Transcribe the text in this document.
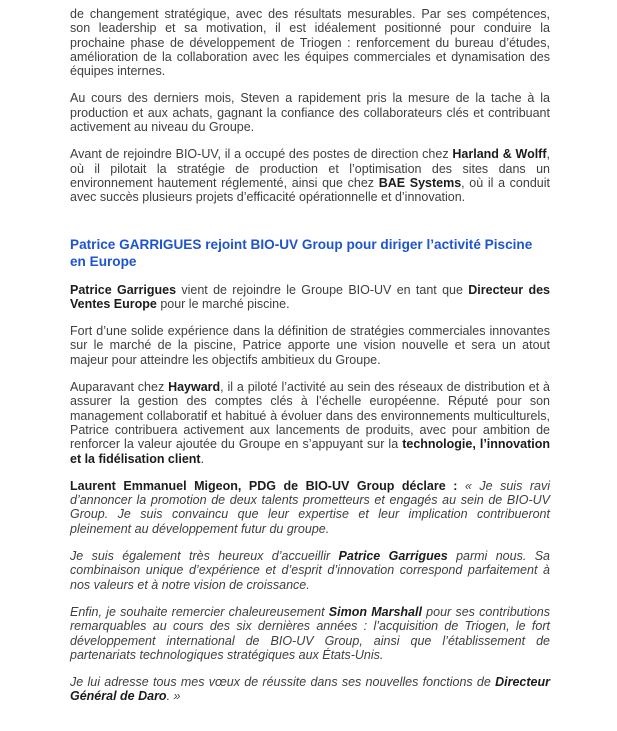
de changement stratégique, avec des résultats mesurables. Par ses compétences, son leadership et sa motivation, il est idéalement positionné pour conduire la prochaine phase de développement de Triogen : renforcement du bureau d’études, amélioration de la collaboration avec les équipes commerciales et dynamisation des équipes internes.

Au cours des derniers mois, Steven a rapidement pris la mesure de la tache à la production et aux achats, gagnant la confiance des collaborateurs clés et contribuant activement au niveau du Groupe.

Avant de rejoindre BIO-UV, il a occupé des postes de direction chez Harland & Wolff, où il pilotait la stratégie de production et l’optimisation des sites dans un environnement hautement réglementé, ainsi que chez BAE Systems, où il a conduit avec succès plusieurs projets d’efficacité opérationnelle et d’innovation.

Patrice GARRIGUES rejoint BIO-UV Group pour diriger l’activité Piscine en Europe

Patrice Garrigues vient de rejoindre le Groupe BIO-UV en tant que Directeur des Ventes Europe pour le marché piscine.

Fort d’une solide expérience dans la définition de stratégies commerciales innovantes sur le marché de la piscine, Patrice apporte une vision nouvelle et sera un atout majeur pour atteindre les objectifs ambitieux du Groupe.

Auparavant chez Hayward, il a piloté l’activité au sein des réseaux de distribution et à assurer la gestion des comptes clés à l’échelle européenne. Réputé pour son management collaboratif et habitué à évoluer dans des environnements multiculturels, Patrice contribuera activement aux lancements de produits, avec pour ambition de renforcer la valeur ajoutée du Groupe en s’appuyant sur la technologie, l’innovation et la fidélisation client.

Laurent Emmanuel Migeon, PDG de BIO-UV Group déclare : « Je suis ravi d’annoncer la promotion de deux talents prometteurs et engagés au sein de BIO-UV Group. Je suis convaincu que leur expertise et leur implication contribueront pleinement au développement futur du groupe.

Je suis également très heureux d’accueillir Patrice Garrigues parmi nous. Sa combinaison unique d’expérience et d’esprit d’innovation correspond parfaitement à nos valeurs et à notre vision de croissance.

Enfin, je souhaite remercier chaleureusement Simon Marshall pour ses contributions remarquables au cours des six dernières années : l’acquisition de Triogen, le fort développement international de BIO-UV Group, ainsi que l’établissement de partenariats technologiques stratégiques aux États-Unis.

Je lui adresse tous mes vœux de réussite dans ses nouvelles fonctions de Directeur Général de Daro. »
